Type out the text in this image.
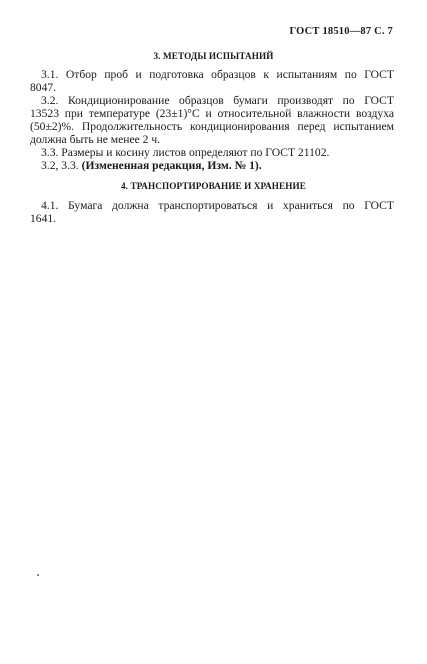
ГОСТ 18510—87 С. 7
3. МЕТОДЫ ИСПЫТАНИЙ
3.1. Отбор проб и подготовка образцов к испытаниям по ГОСТ
8047.
3.2. Кондиционирование образцов бумаги производят по ГОСТ
13523 при температуре (23±1)°С и относительной влажности воздуха
(50±2)%. Продолжительность кондиционирования перед испытанием
должна быть не менее 2 ч.
3.3. Размеры и косину листов определяют по ГОСТ 21102.
3.2, 3.3. (Измененная редакция, Изм. № 1).
4. ТРАНСПОРТИРОВАНИЕ И ХРАНЕНИЕ
4.1. Бумага должна транспортироваться и храниться по ГОСТ
1641.
